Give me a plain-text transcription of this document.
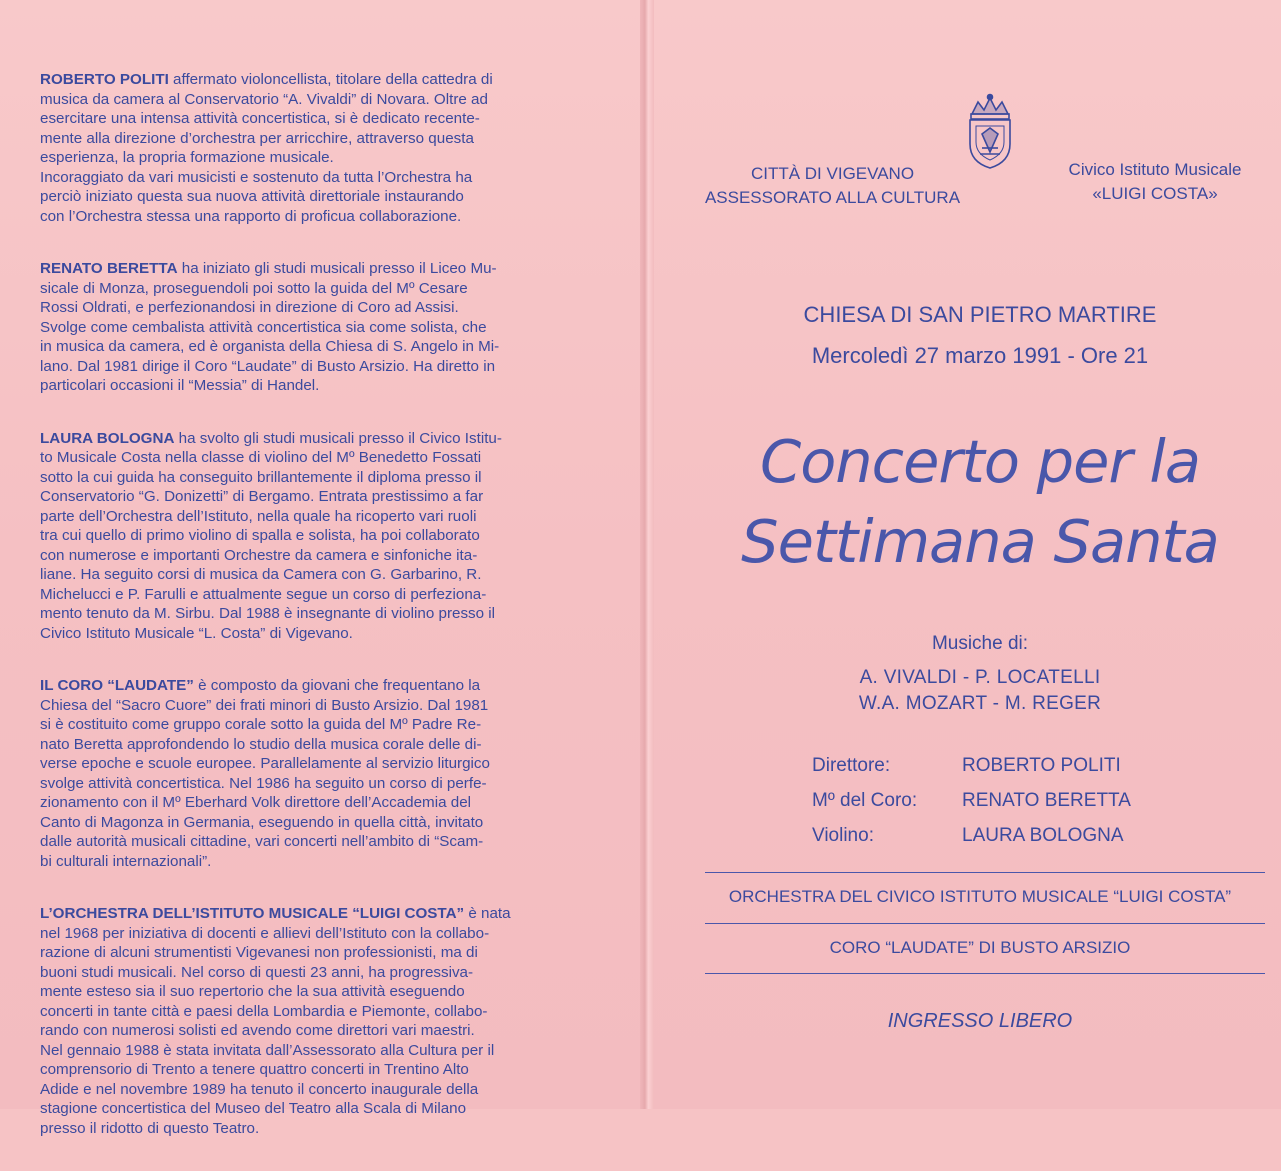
ROBERTO POLITI affermato violoncellista, titolare della cattedra di
musica da camera al Conservatorio “A. Vivaldi” di Novara. Oltre ad
esercitare una intensa attività concertistica, si è dedicato recente-
mente alla direzione d’orchestra per arricchire, attraverso questa
esperienza, la propria formazione musicale.
Incoraggiato da vari musicisti e sostenuto da tutta l’Orchestra ha
perciò iniziato questa sua nuova attività direttoriale instaurando
con l’Orchestra stessa una rapporto di proficua collaborazione.
RENATO BERETTA ha iniziato gli studi musicali presso il Liceo Mu-
sicale di Monza, proseguendoli poi sotto la guida del Mº Cesare
Rossi Oldrati, e perfezionandosi in direzione di Coro ad Assisi.
Svolge come cembalista attività concertistica sia come solista, che
in musica da camera, ed è organista della Chiesa di S. Angelo in Mi-
lano. Dal 1981 dirige il Coro “Laudate” di Busto Arsizio. Ha diretto in
particolari occasioni il “Messia” di Handel.
LAURA BOLOGNA ha svolto gli studi musicali presso il Civico Istitu-
to Musicale Costa nella classe di violino del Mº Benedetto Fossati
sotto la cui guida ha conseguito brillantemente il diploma presso il
Conservatorio “G. Donizetti” di Bergamo. Entrata prestissimo a far
parte dell’Orchestra dell’Istituto, nella quale ha ricoperto vari ruoli
tra cui quello di primo violino di spalla e solista, ha poi collaborato
con numerose e importanti Orchestre da camera e sinfoniche ita-
liane. Ha seguito corsi di musica da Camera con G. Garbarino, R.
Michelucci e P. Farulli e attualmente segue un corso di perfeziona-
mento tenuto da M. Sirbu. Dal 1988 è insegnante di violino presso il
Civico Istituto Musicale “L. Costa” di Vigevano.
IL CORO “LAUDATE” è composto da giovani che frequentano la
Chiesa del “Sacro Cuore” dei frati minori di Busto Arsizio. Dal 1981
si è costituito come gruppo corale sotto la guida del Mº Padre Re-
nato Beretta approfondendo lo studio della musica corale delle di-
verse epoche e scuole europee. Parallelamente al servizio liturgico
svolge attività concertistica. Nel 1986 ha seguito un corso di perfe-
zionamento con il Mº Eberhard Volk direttore dell’Accademia del
Canto di Magonza in Germania, eseguendo in quella città, invitato
dalle autorità musicali cittadine, vari concerti nell’ambito di “Scam-
bi culturali internazionali”.
L’ORCHESTRA DELL’ISTITUTO MUSICALE “LUIGI COSTA” è nata
nel 1968 per iniziativa di docenti e allievi dell’Istituto con la collabo-
razione di alcuni strumentisti Vigevanesi non professionisti, ma di
buoni studi musicali. Nel corso di questi 23 anni, ha progressiva-
mente esteso sia il suo repertorio che la sua attività eseguendo
concerti in tante città e paesi della Lombardia e Piemonte, collabo-
rando con numerosi solisti ed avendo come direttori vari maestri.
Nel gennaio 1988 è stata invitata dall’Assessorato alla Cultura per il
comprensorio di Trento a tenere quattro concerti in Trentino Alto
Adide e nel novembre 1989 ha tenuto il concerto inaugurale della
stagione concertistica del Museo del Teatro alla Scala di Milano
presso il ridotto di questo Teatro.
CITTÀ DI VIGEVANO
ASSESSORATO ALLA CULTURA
Civico Istituto Musicale
«LUIGI COSTA»
CHIESA DI SAN PIETRO MARTIRE
Mercoledì 27 marzo 1991 - Ore 21
Concerto per la
Settimana Santa
Musiche di:
A. VIVALDI - P. LOCATELLI
W.A. MOZART - M. REGER
Direttore:	ROBERTO POLITI
Mº del Coro:	RENATO BERETTA
Violino:	LAURA BOLOGNA
ORCHESTRA DEL CIVICO ISTITUTO MUSICALE “LUIGI COSTA”
CORO “LAUDATE” DI BUSTO ARSIZIO
INGRESSO LIBERO
